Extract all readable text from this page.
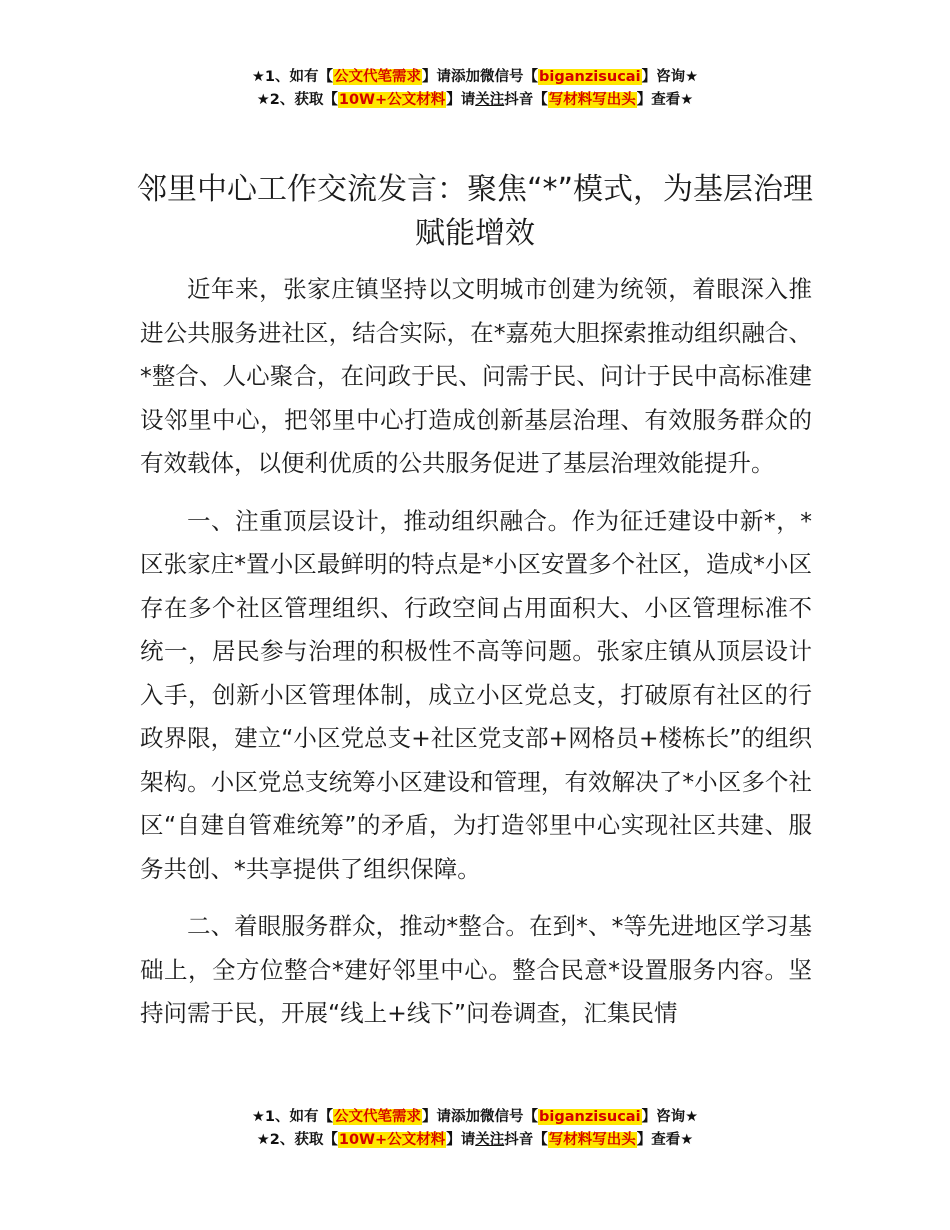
★1、如有【公文代笔需求】请添加微信号【biganzisucai】咨询★
★2、获取【10W+公文材料】请关注抖音【写材料写出头】查看★
邻里中心工作交流发言：聚焦“*”模式，为基层治理赋能增效

近年来，张家庄镇坚持以文明城市创建为统领，着眼深入推进公共服务进社区，结合实际，在*嘉苑大胆探索推动组织融合、*整合、人心聚合，在问政于民、问需于民、问计于民中高标准建设邻里中心，把邻里中心打造成创新基层治理、有效服务群众的有效载体，以便利优质的公共服务促进了基层治理效能提升。

一、注重顶层设计，推动组织融合。作为征迁建设中新*，*区张家庄*置小区最鲜明的特点是*小区安置多个社区，造成*小区存在多个社区管理组织、行政空间占用面积大、小区管理标准不统一，居民参与治理的积极性不高等问题。张家庄镇从顶层设计入手，创新小区管理体制，成立小区党总支，打破原有社区的行政界限，建立“小区党总支+社区党支部+网格员+楼栋长”的组织架构。小区党总支统筹小区建设和管理，有效解决了*小区多个社区“自建自管难统筹”的矛盾，为打造邻里中心实现社区共建、服务共创、*共享提供了组织保障。

二、着眼服务群众，推动*整合。在到*、*等先进地区学习基础上，全方位整合*建好邻里中心。整合民意*设置服务内容。坚持问需于民，开展“线上+线下”问卷调查，汇集民情

★1、如有【公文代笔需求】请添加微信号【biganzisucai】咨询★
★2、获取【10W+公文材料】请关注抖音【写材料写出头】查看★
